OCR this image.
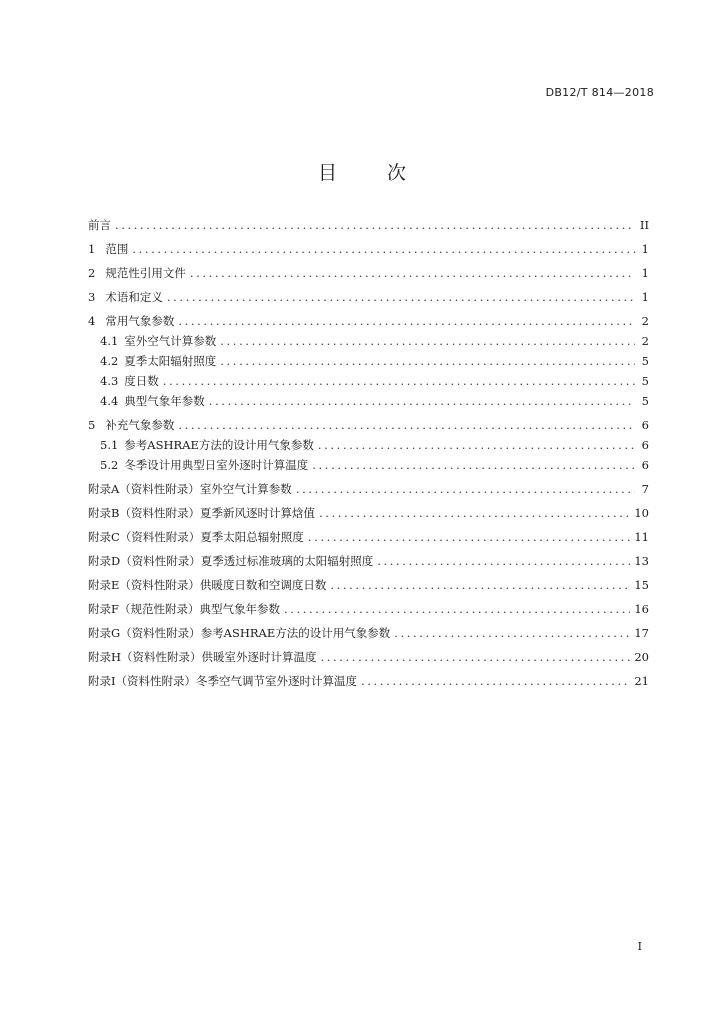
DB12/T 814—2018
目 次
前言 .....	II
1 范围 .....	1
2 规范性引用文件 .....	1
3 术语和定义 .....	1
4 常用气象参数 .....	2
4.1 室外空气计算参数 .....	2
4.2 夏季太阳辐射照度 .....	5
4.3 度日数 .....	5
4.4 典型气象年参数 .....	5
5 补充气象参数 .....	6
5.1 参考ASHRAE方法的设计用气象参数 .....	6
5.2 冬季设计用典型日室外逐时计算温度 .....	6
附录A（资料性附录） 室外空气计算参数 .....	7
附录B（资料性附录） 夏季新风逐时计算焓值 .....	10
附录C（资料性附录） 夏季太阳总辐射照度 .....	11
附录D（资料性附录） 夏季透过标准玻璃的太阳辐射照度 .....	13
附录E（资料性附录） 供暖度日数和空调度日数 .....	15
附录F（规范性附录） 典型气象年参数 .....	16
附录G（资料性附录） 参考ASHRAE方法的设计用气象参数 .....	17
附录H（资料性附录） 供暖室外逐时计算温度 .....	20
附录I（资料性附录） 冬季空气调节室外逐时计算温度 .....	21
I
